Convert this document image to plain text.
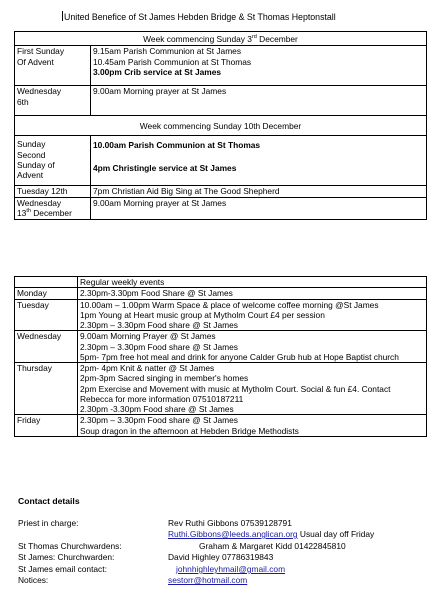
United Benefice of St James Hebden Bridge & St Thomas Heptonstall
Week commencing Sunday 3rd December	

First Sunday
Of Advent	9.15am Parish Communion at St James
10.45am Parish Communion at St Thomas
3.00pm Crib service at St James

Wednesday
6th	9.00am Morning prayer at St James

Week commencing Sunday 10th December	

Sunday
Second
Sunday of
Advent	10.00am Parish Communion at St Thomas
4pm Christingle service at St James

Tuesday 12th	7pm Christian Aid Big Sing at The Good Shepherd

Wednesday
13th December	9.00am Morning prayer at St James
	Regular weekly events
Monday	2.30pm-3.30pm Food Share @ St James

Tuesday	10.00am – 1.00pm Warm Space & place of welcome coffee morning @St James
1pm Young at Heart music group at Mytholm Court £4 per session
2.30pm – 3.30pm Food share @ St James

Wednesday	9.00am Morning Prayer @ St James
2.30pm – 3.30pm Food share @ St James
5pm- 7pm free hot meal and drink for anyone Calder Grub hub at Hope Baptist church

Thursday	2pm- 4pm Knit & natter @ St James
2pm-3pm Sacred singing in member's homes
2pm Exercise and Movement with music at Mytholm Court. Social & fun £4. Contact Rebecca for more information 07510187211
2.30pm -3.30pm Food share @ St James

Friday	2.30pm – 3.30pm Food share @ St James
Soup dragon in the afternoon at Hebden Bridge Methodists
Contact details
Priest in charge:	Rev Ruthi Gibbons 07539128791
Ruthi.Gibbons@leeds.anglican.org Usual day off Friday
St Thomas Churchwardens:	Graham & Margaret Kidd 01422845810
St James: Churchwarden:	David Highley 07786319843
St James email contact:	johnhighleyhmail@gmail.com
Notices:	sestorr@hotmail.com
